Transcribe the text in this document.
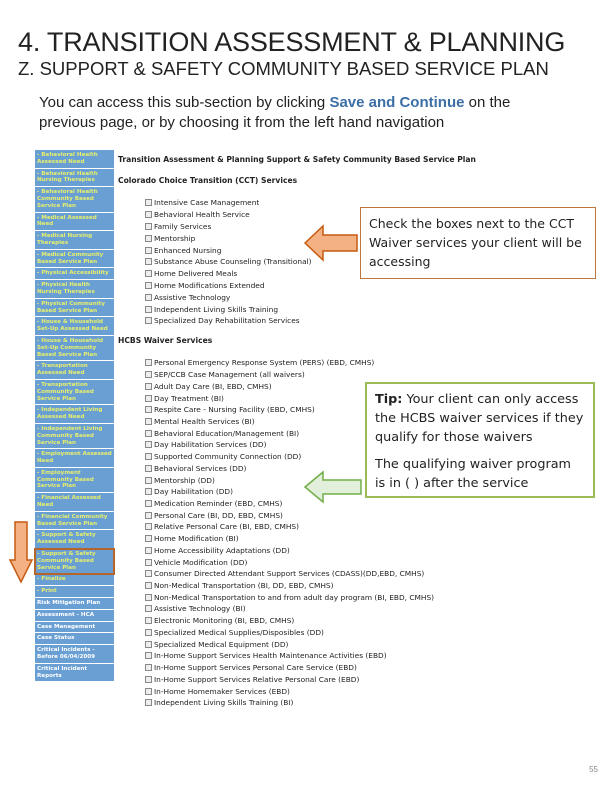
4. TRANSITION ASSESSMENT & PLANNING
Z. SUPPORT & SAFETY COMMUNITY BASED SERVICE PLAN
You can access this sub-section by clicking Save and Continue on the previous page, or by choosing it from the left hand navigation
- Behavioral Health Assessed Need
- Behavioral Health Nursing Therapies
- Behavioral Health Community Based Service Plan
- Medical Assessed Need
- Medical Nursing Therapies
- Medical Community Based Service Plan
- Physical Accessibility
- Physical Health Nursing Therapies
- Physical Community Based Service Plan
- House & Household Set-Up Assessed Need
- House & Household Set-Up Community Based Service Plan
- Transportation Assessed Need
- Transportation Community Based Service Plan
- Independent Living Assessed Need
- Independent Living Community Based Service Plan
- Employment Assessed Need
- Employment Community Based Service Plan
- Financial Assessed Need
- Financial Community Based Service Plan
- Support & Safety Assessed Need
- Support & Safety Community Based Service Plan
- Finalize
- Print
Risk Mitigation Plan
Assessment - HCA
Case Management
Case Status
Critical Incidents - Before 06/04/2009
Critical Incident Reports
Transition Assessment & Planning Support & Safety Community Based Service Plan
Colorado Choice Transition (CCT) Services
Intensive Case Management
Behavioral Health Service
Family Services
Mentorship
Enhanced Nursing
Substance Abuse Counseling (Transitional)
Home Delivered Meals
Home Modifications Extended
Assistive Technology
Independent Living Skills Training
Specialized Day Rehabilitation Services
HCBS Waiver Services
Personal Emergency Response System (PERS) (EBD, CMHS)
SEP/CCB Case Management (all waivers)
Adult Day Care (BI, EBD, CMHS)
Day Treatment (BI)
Respite Care - Nursing Facility (EBD, CMHS)
Mental Health Services (BI)
Behavioral Education/Management (BI)
Day Habilitation Services (DD)
Supported Community Connection (DD)
Behavioral Services (DD)
Mentorship (DD)
Day Habilitation (DD)
Medication Reminder (EBD, CMHS)
Personal Care (BI, DD, EBD, CMHS)
Relative Personal Care (BI, EBD, CMHS)
Home Modification (BI)
Home Accessibility Adaptations (DD)
Vehicle Modification (DD)
Consumer Directed Attendant Support Services (CDASS)(DD,EBD, CMHS)
Non-Medical Transportation (BI, DD, EBD, CMHS)
Non-Medical Transportation to and from adult day program (BI, EBD, CMHS)
Assistive Technology (BI)
Electronic Monitoring (BI, EBD, CMHS)
Specialized Medical Supplies/Disposibles (DD)
Specialized Medical Equipment (DD)
In-Home Support Services Health Maintenance Activities (EBD)
In-Home Support Services Personal Care Service (EBD)
In-Home Support Services Relative Personal Care (EBD)
In-Home Homemaker Services (EBD)
Independent Living Skills Training (BI)
Check the boxes next to the CCT Waiver services your client will be accessing
Tip: Your client can only access the HCBS waiver services if they qualify for those waivers
The qualifying waiver program is in ( ) after the service
55
